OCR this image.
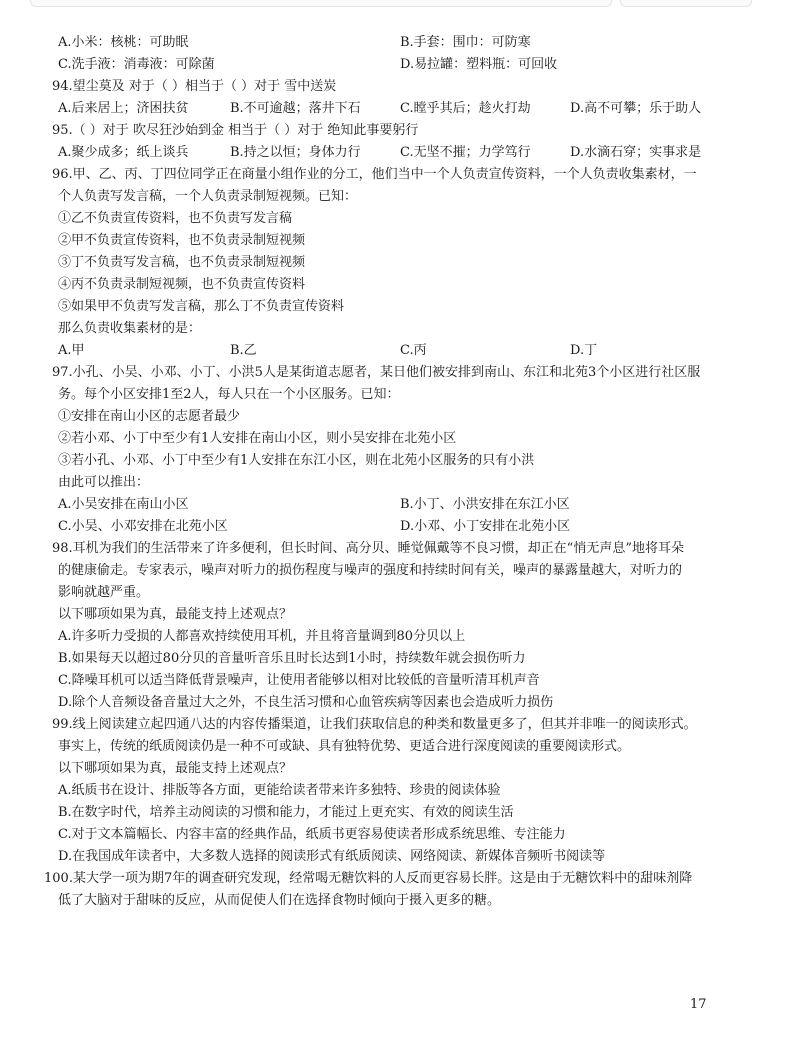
A.小米：核桃：可助眠	B.手套：围巾：可防寒
C.洗手液：消毒液：可除菌	D.易拉罐：塑料瓶：可回收
94.望尘莫及 对于（ ）相当于（ ）对于 雪中送炭
A.后来居上；济困扶贫	B.不可逾越；落井下石	C.瞠乎其后；趁火打劫	D.高不可攀；乐于助人
95.（ ）对于 吹尽狂沙始到金 相当于（ ）对于 绝知此事要躬行
A.聚少成多；纸上谈兵	B.持之以恒；身体力行	C.无坚不摧；力学笃行	D.水滴石穿；实事求是
96.甲、乙、丙、丁四位同学正在商量小组作业的分工，他们当中一个人负责宣传资料，一个人负责收集素材，一
个人负责写发言稿，一个人负责录制短视频。已知：
①乙不负责宣传资料，也不负责写发言稿
②甲不负责宣传资料，也不负责录制短视频
③丁不负责写发言稿，也不负责录制短视频
④丙不负责录制短视频，也不负责宣传资料
⑤如果甲不负责写发言稿，那么丁不负责宣传资料
那么负责收集素材的是：
A.甲	B.乙	C.丙	D.丁
97.小孔、小吴、小邓、小丁、小洪5人是某街道志愿者，某日他们被安排到南山、东江和北苑3个小区进行社区服
务。每个小区安排1至2人，每人只在一个小区服务。已知：
①安排在南山小区的志愿者最少
②若小邓、小丁中至少有1人安排在南山小区，则小吴安排在北苑小区
③若小孔、小邓、小丁中至少有1人安排在东江小区，则在北苑小区服务的只有小洪
由此可以推出：
A.小吴安排在南山小区	B.小丁、小洪安排在东江小区
C.小吴、小邓安排在北苑小区	D.小邓、小丁安排在北苑小区
98.耳机为我们的生活带来了许多便利，但长时间、高分贝、睡觉佩戴等不良习惯，却正在“悄无声息”地将耳朵
的健康偷走。专家表示，噪声对听力的损伤程度与噪声的强度和持续时间有关，噪声的暴露量越大，对听力的
影响就越严重。
以下哪项如果为真，最能支持上述观点？
A.许多听力受损的人都喜欢持续使用耳机，并且将音量调到80分贝以上
B.如果每天以超过80分贝的音量听音乐且时长达到1小时，持续数年就会损伤听力
C.降噪耳机可以适当降低背景噪声，让使用者能够以相对比较低的音量听清耳机声音
D.除个人音频设备音量过大之外，不良生活习惯和心血管疾病等因素也会造成听力损伤
99.线上阅读建立起四通八达的内容传播渠道，让我们获取信息的种类和数量更多了，但其并非唯一的阅读形式。
事实上，传统的纸质阅读仍是一种不可或缺、具有独特优势、更适合进行深度阅读的重要阅读形式。
以下哪项如果为真，最能支持上述观点？
A.纸质书在设计、排版等各方面，更能给读者带来许多独特、珍贵的阅读体验
B.在数字时代，培养主动阅读的习惯和能力，才能过上更充实、有效的阅读生活
C.对于文本篇幅长、内容丰富的经典作品，纸质书更容易使读者形成系统思维、专注能力
D.在我国成年读者中，大多数人选择的阅读形式有纸质阅读、网络阅读、新媒体音频听书阅读等
100.某大学一项为期7年的调查研究发现，经常喝无糖饮料的人反而更容易长胖。这是由于无糖饮料中的甜味剂降
低了大脑对于甜味的反应，从而促使人们在选择食物时倾向于摄入更多的糖。
17
